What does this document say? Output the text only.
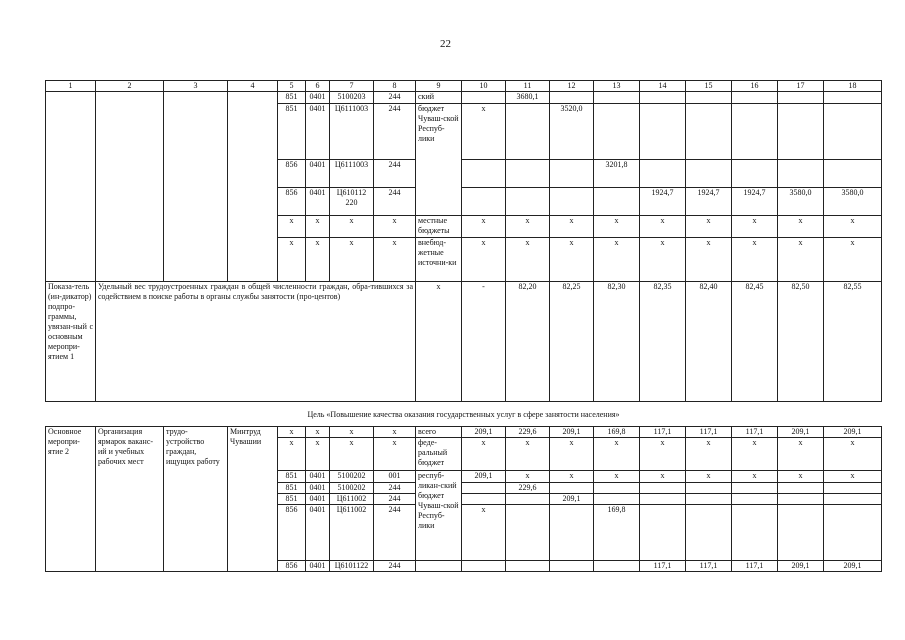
22
1	2	3	4	5	6	7	8	9	10	11	12	13	14	15	16	17	18
				851	0401	5100203	244	ский		3680,1							
				851	0401	Ц6111003	244	бюджет Чуваш-ской Респуб-лики	х		3520,0						
				856	0401	Ц6111003	244					3201,8					
				856	0401	Ц610112 220	244						1924,7	1924,7	1924,7	3580,0	3580,0
				х	х	х	х	местные бюджеты	х	х	х	х	х	х	х	х	х
				х	х	х	х	внебюд-жетные источни-ки	х	х	х	х	х	х	х	х	х
Показа-тель (ин-дикатор) подпро-граммы, увязан-ный с основным меропри-ятием 1	Удельный вес трудоустроенных граждан в общей численности граждан, обра-тившихся за содействием в поиске работы в органы службы занятости (про-центов)							х	-	82,20	82,25	82,30	82,35	82,40	82,45	82,50	82,55
Цель «Повышение качества оказания государственных услуг в сфере занятости населения»																	
Основное меропри-ятие 2	Организация ярмарок ваканс-ий и учебных рабочих мест	трудо-устройство граждан, ищущих работу	Минтруд Чувашии	х	х	х	х	всего	209,1	229,6	209,1	169,8	117,1	117,1	117,1	209,1	209,1
				х	х	х	х	феде-ральный бюджет	х	х	х	х	х	х	х	х	х
				851	0401	5100202	001	респуб-ликан-ский бюджет Чуваш-ской Респуб-лики	209,1	х	х	х	х	х	х	х	х
				851	0401	5100202	244			229,6							
				851	0401	Ц611002	244				209,1						
				856	0401	Ц611002	244		х			169,8					
				856	0401	Ц6101122	244						117,1	117,1	117,1	209,1	209,1
